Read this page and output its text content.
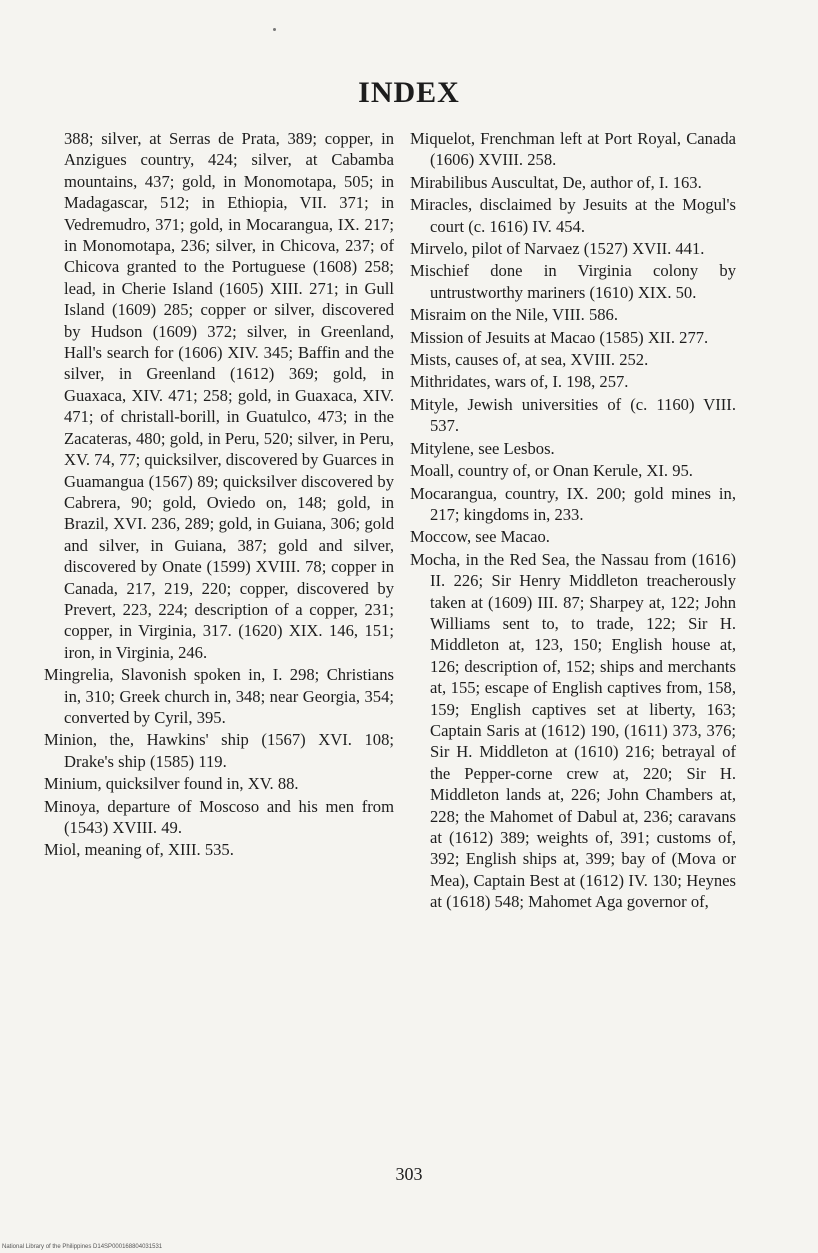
INDEX

388; silver, at Serras de Prata, 389; copper, in Anzigues country, 424; silver, at Cabamba mountains, 437; gold, in Monomotapa, 505; in Madagascar, 512; in Ethiopia, VII. 371; in Vedremudro, 371; gold, in Mocarangua, IX. 217; in Monomotapa, 236; silver, in Chicova, 237; of Chicova granted to the Portuguese (1608) 258; lead, in Cherie Island (1605) XIII. 271; in Gull Island (1609) 285; copper or silver, discovered by Hudson (1609) 372; silver, in Greenland, Hall's search for (1606) XIV. 345; Baffin and the silver, in Greenland (1612) 369; gold, in Guaxaca, XIV. 471; 258; gold, in Guaxaca, XIV. 471; of christall-borill, in Guatulco, 473; in the Zacateras, 480; gold, in Peru, 520; silver, in Peru, XV. 74, 77; quicksilver, discovered by Guarces in Guamangua (1567) 89; quicksilver discovered by Cabrera, 90; gold, Oviedo on, 148; gold, in Brazil, XVI. 236, 289; gold, in Guiana, 306; gold and silver, in Guiana, 387; gold and silver, discovered by Onate (1599) XVIII. 78; copper in Canada, 217, 219, 220; copper, discovered by Prevert, 223, 224; description of a copper, 231; copper, in Virginia, 317. (1620) XIX. 146, 151; iron, in Virginia, 246.

Mingrelia, Slavonish spoken in, I. 298; Christians in, 310; Greek church in, 348; near Georgia, 354; converted by Cyril, 395.

Minion, the, Hawkins' ship (1567) XVI. 108; Drake's ship (1585) 119.

Minium, quicksilver found in, XV. 88.

Minoya, departure of Moscoso and his men from (1543) XVIII. 49.

Miol, meaning of, XIII. 535.

Miquelot, Frenchman left at Port Royal, Canada (1606) XVIII. 258.

Mirabilibus Auscultat, De, author of, I. 163.

Miracles, disclaimed by Jesuits at the Mogul's court (c. 1616) IV. 454.

Mirvelo, pilot of Narvaez (1527) XVII. 441.

Mischief done in Virginia colony by untrustworthy mariners (1610) XIX. 50.

Misraim on the Nile, VIII. 586.

Mission of Jesuits at Macao (1585) XII. 277.

Mists, causes of, at sea, XVIII. 252.

Mithridates, wars of, I. 198, 257.

Mityle, Jewish universities of (c. 1160) VIII. 537.

Mitylene, see Lesbos.

Moall, country of, or Onan Kerule, XI. 95.

Mocarangua, country, IX. 200; gold mines in, 217; kingdoms in, 233.

Moccow, see Macao.

Mocha, in the Red Sea, the Nassau from (1616) II. 226; Sir Henry Middleton treacherously taken at (1609) III. 87; Sharpey at, 122; John Williams sent to, to trade, 122; Sir H. Middleton at, 123, 150; English house at, 126; description of, 152; ships and merchants at, 155; escape of English captives from, 158, 159; English captives set at liberty, 163; Captain Saris at (1612) 190, (1611) 373, 376; Sir H. Middleton at (1610) 216; betrayal of the Pepper-corne crew at, 220; Sir H. Middleton lands at, 226; John Chambers at, 228; the Mahomet of Dabul at, 236; caravans at (1612) 389; weights of, 391; customs of, 392; English ships at, 399; bay of (Mova or Mea), Captain Best at (1612) IV. 130; Heynes at (1618) 548; Mahomet Aga governor of,

303
National Library of the Philippines D14SP000168804031531
